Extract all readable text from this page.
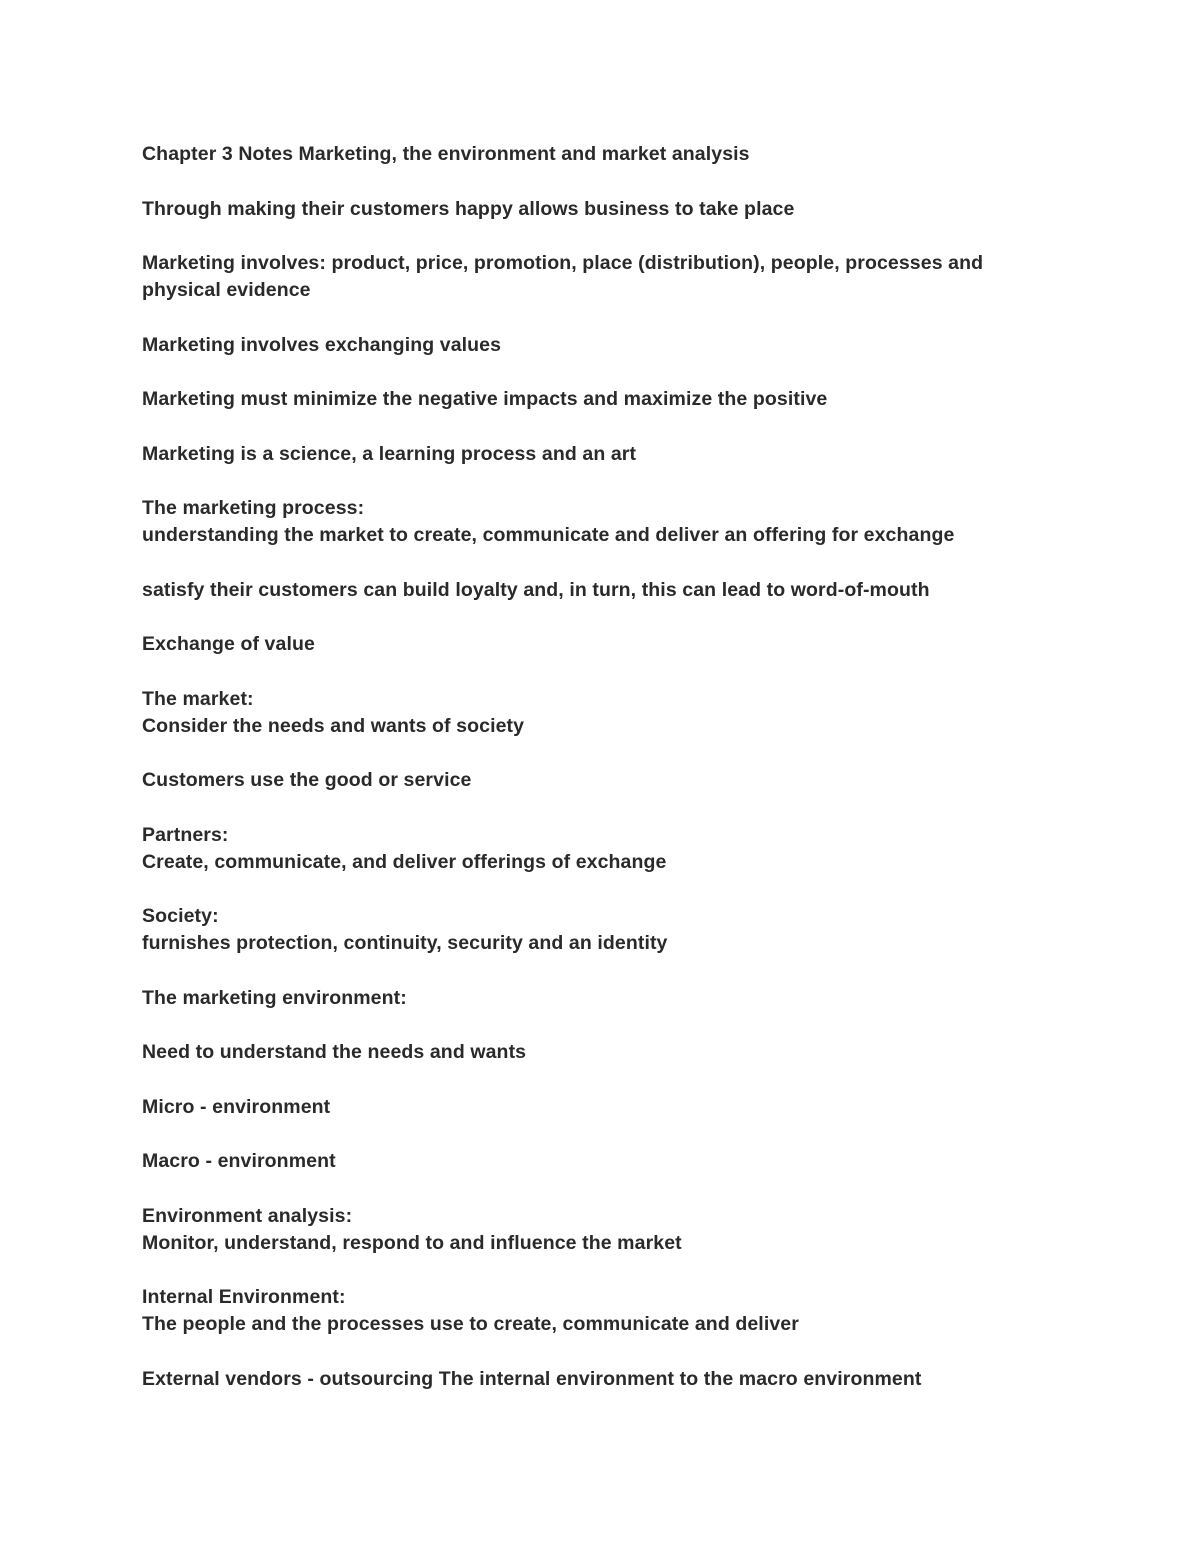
Chapter 3 Notes Marketing, the environment and market analysis

Through making their customers happy allows business to take place

Marketing involves: product, price, promotion, place (distribution), people, processes and physical evidence

Marketing involves exchanging values

Marketing must minimize the negative impacts and maximize the positive

Marketing is a science, a learning process and an art

The marketing process:
understanding the market to create, communicate and deliver an offering for exchange

satisfy their customers can build loyalty and, in turn, this can lead to word-of-mouth

Exchange of value

The market:
Consider the needs and wants of society

Customers use the good or service

Partners:
Create, communicate, and deliver offerings of exchange

Society:
furnishes protection, continuity, security and an identity

The marketing environment:

Need to understand the needs and wants

Micro - environment

Macro - environment

Environment analysis:
Monitor, understand, respond to and influence the market

Internal Environment:
The people and the processes use to create, communicate and deliver

External vendors - outsourcing The internal environment to the macro environment
